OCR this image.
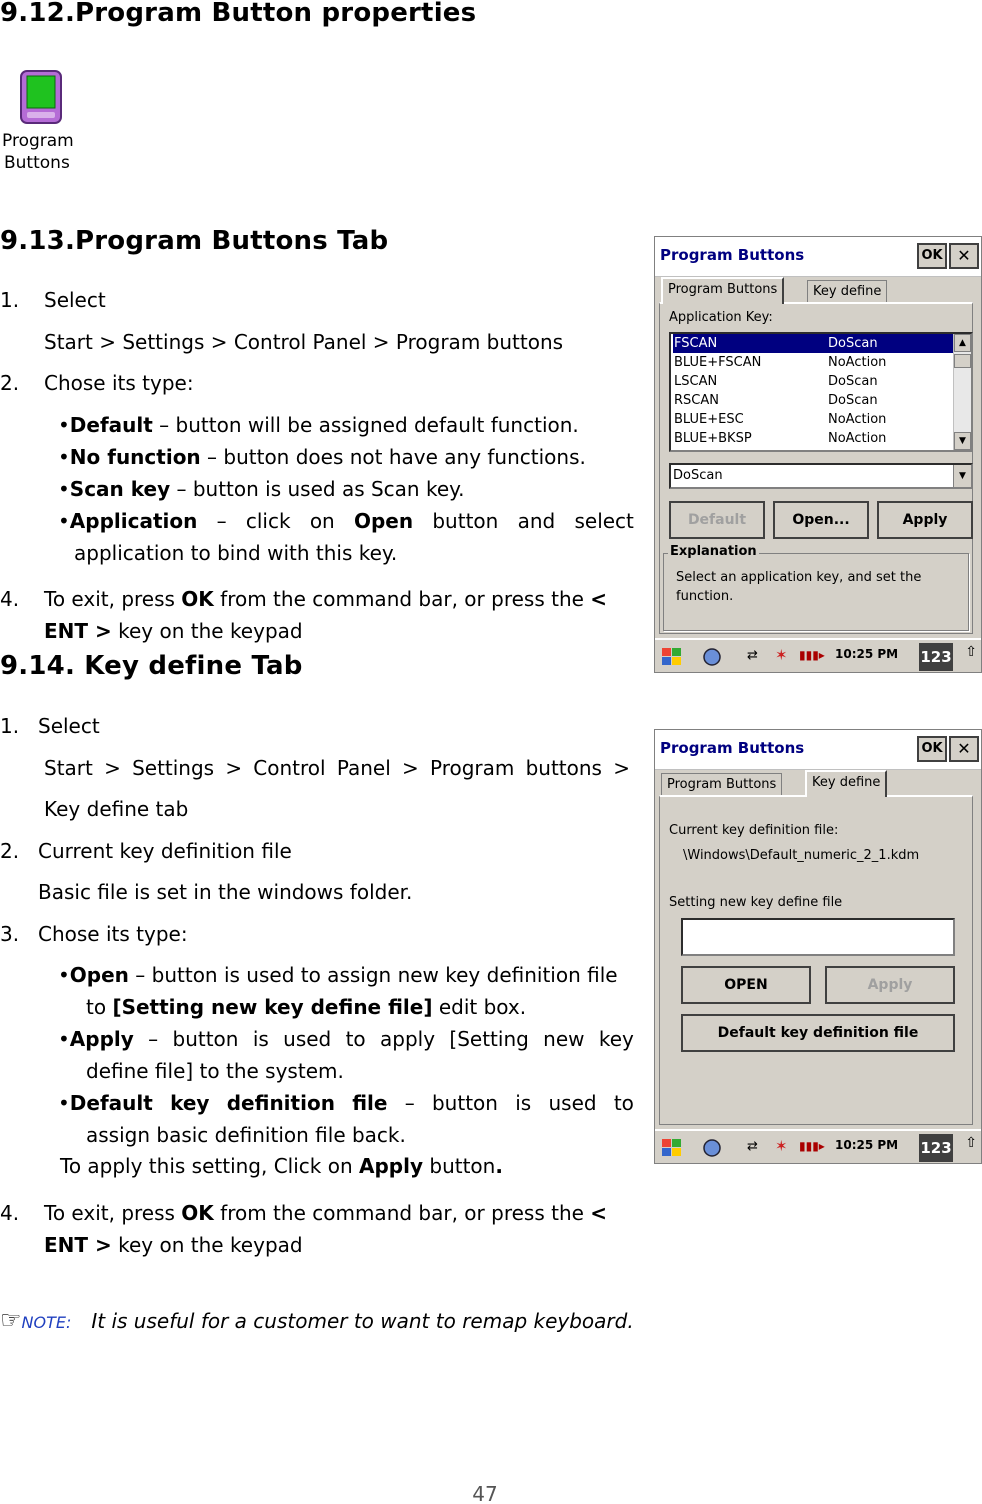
9.12.Program Button properties
Program
Buttons
9.13.Program Buttons Tab
1. Select
Start > Settings > Control Panel > Program buttons
2. Chose its type:
•Default – button will be assigned default function.
•No function – button does not have any functions.
•Scan key – button is used as Scan key.
•Application – click on Open button and select
application to bind with this key.
4. To exit, press OK from the command bar, or press the <
ENT > key on the keypad
9.14. Key define Tab
1. Select
Start > Settings > Control Panel > Program buttons >
Key define tab
2. Current key definition file
Basic file is set in the windows folder.
3. Chose its type:
•Open – button is used to assign new key definition file
to [Setting new key define file] edit box.
•Apply – button is used to apply [Setting new key
define file] to the system.
•Default key definition file – button is used to
assign basic definition file back.
To apply this setting, Click on Apply button.
4. To exit, press OK from the command bar, or press the <
ENT > key on the keypad
☞NOTE: It is useful for a customer to want to remap keyboard.
47
Program Buttons	OK ✕
Program Buttons	Key define
Application Key:
FSCAN	DoScan
BLUE+FSCAN	NoAction
LSCAN	DoScan
RSCAN	DoScan
BLUE+ESC	NoAction
BLUE+BKSP	NoAction
▲
▼
DoScan	▼
Default	Open...	Apply
Explanation
Select an application key, and set the function.
⇄ ✶ ▮▮▮▸ 10:25 PM 123 ⇧
Program Buttons	OK ✕
Program Buttons	Key define
Current key definition file:
\Windows\Default_numeric_2_1.kdm
Setting new key define file
OPEN	Apply
Default key definition file
⇄ ✶ ▮▮▮▸ 10:25 PM 123 ⇧
